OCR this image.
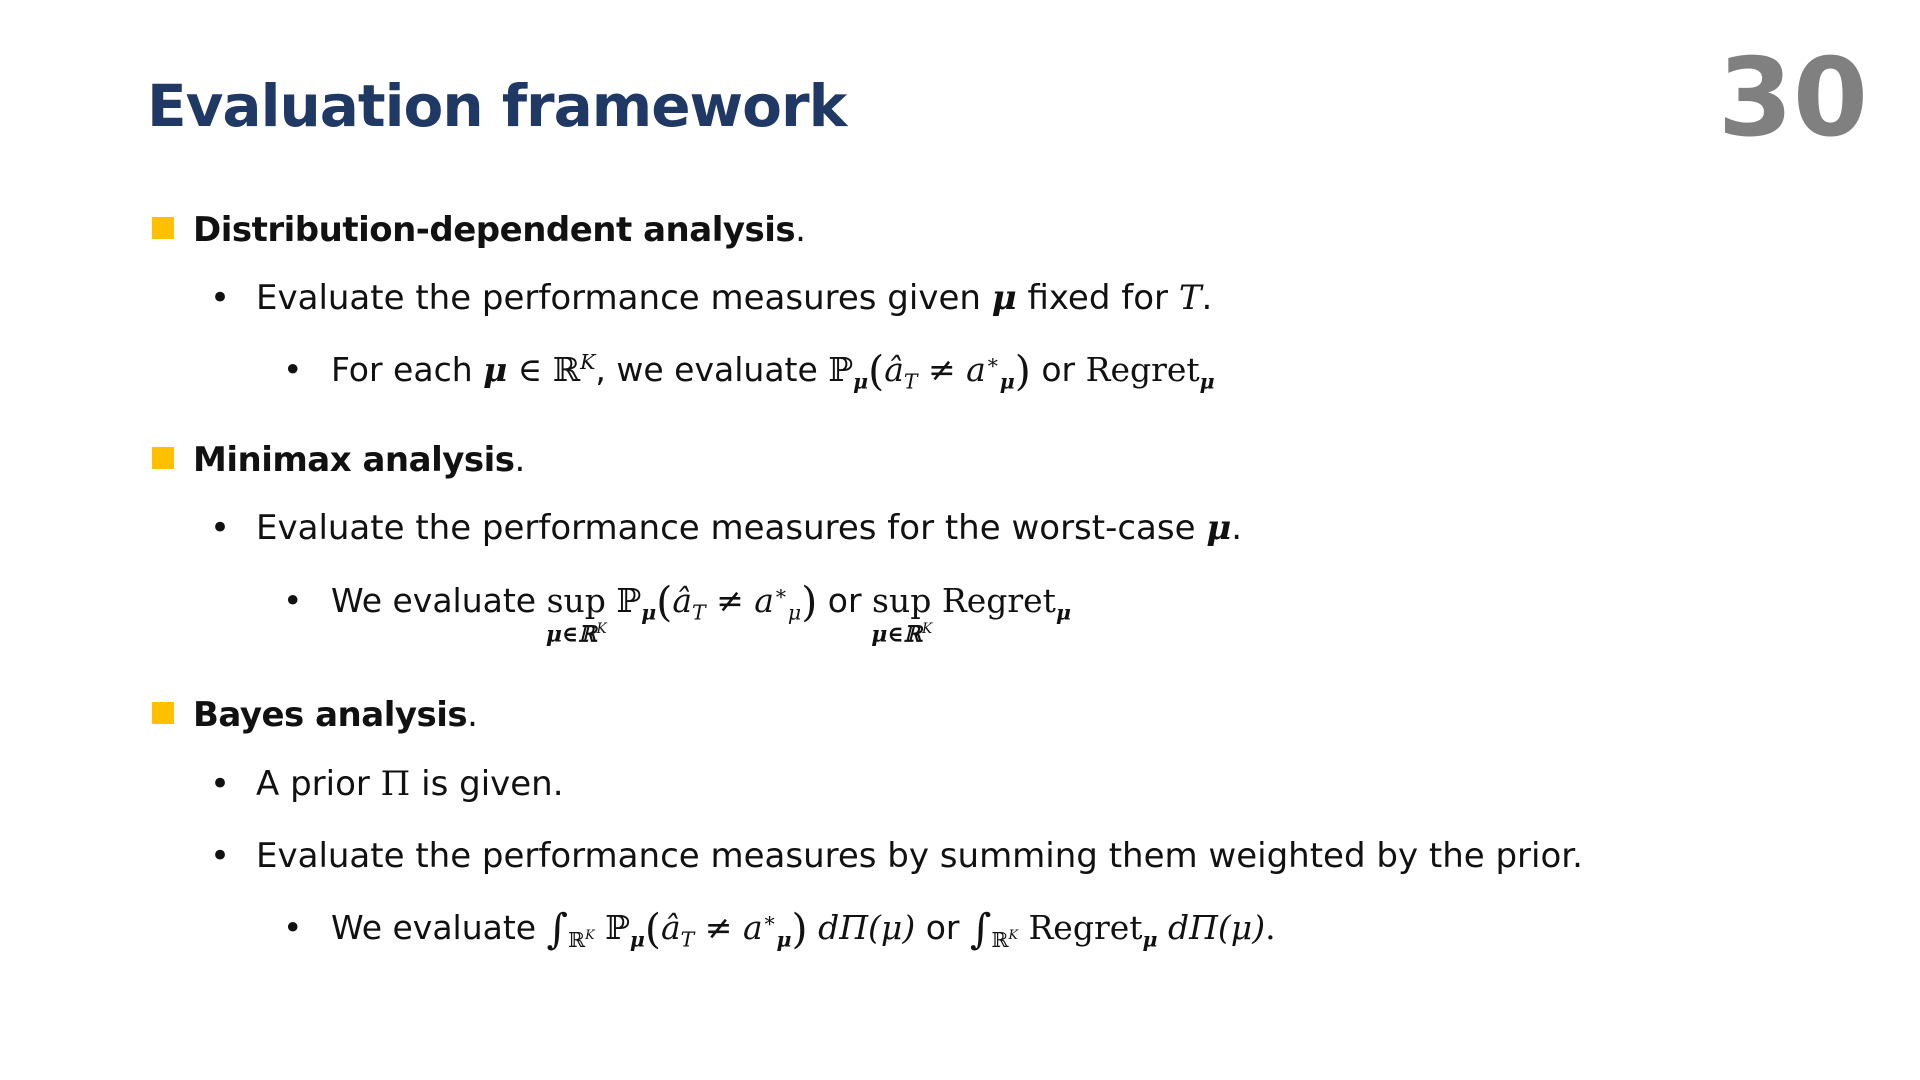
Evaluation framework	30
Distribution-dependent analysis.
• Evaluate the performance measures given μ fixed for T.
• For each μ ∈ ℝ$^K$, we evaluate $ℙ_\mu(â_T \ne a^∗_\mu)$ or Regret$_\mu$
Minimax analysis.
• Evaluate the performance measures for the worst-case μ.
• We evaluate sup
μ∈ℝ$^K$
$ℙ_\mu(â_T \ne a^∗_\mu)$ or sup
μ∈ℝ$^K$
Regret$_\mu$
Bayes analysis.
• A prior Π is given.
• Evaluate the performance measures by summing them weighted by the prior.
• We evaluate $\int_{ℝ^K}$ $ℙ_\mu(â_T \ne a^∗_\mu)$ dΠ(μ) or $\int_{ℝ^K}$ Regret$_\mu$ dΠ(μ).
